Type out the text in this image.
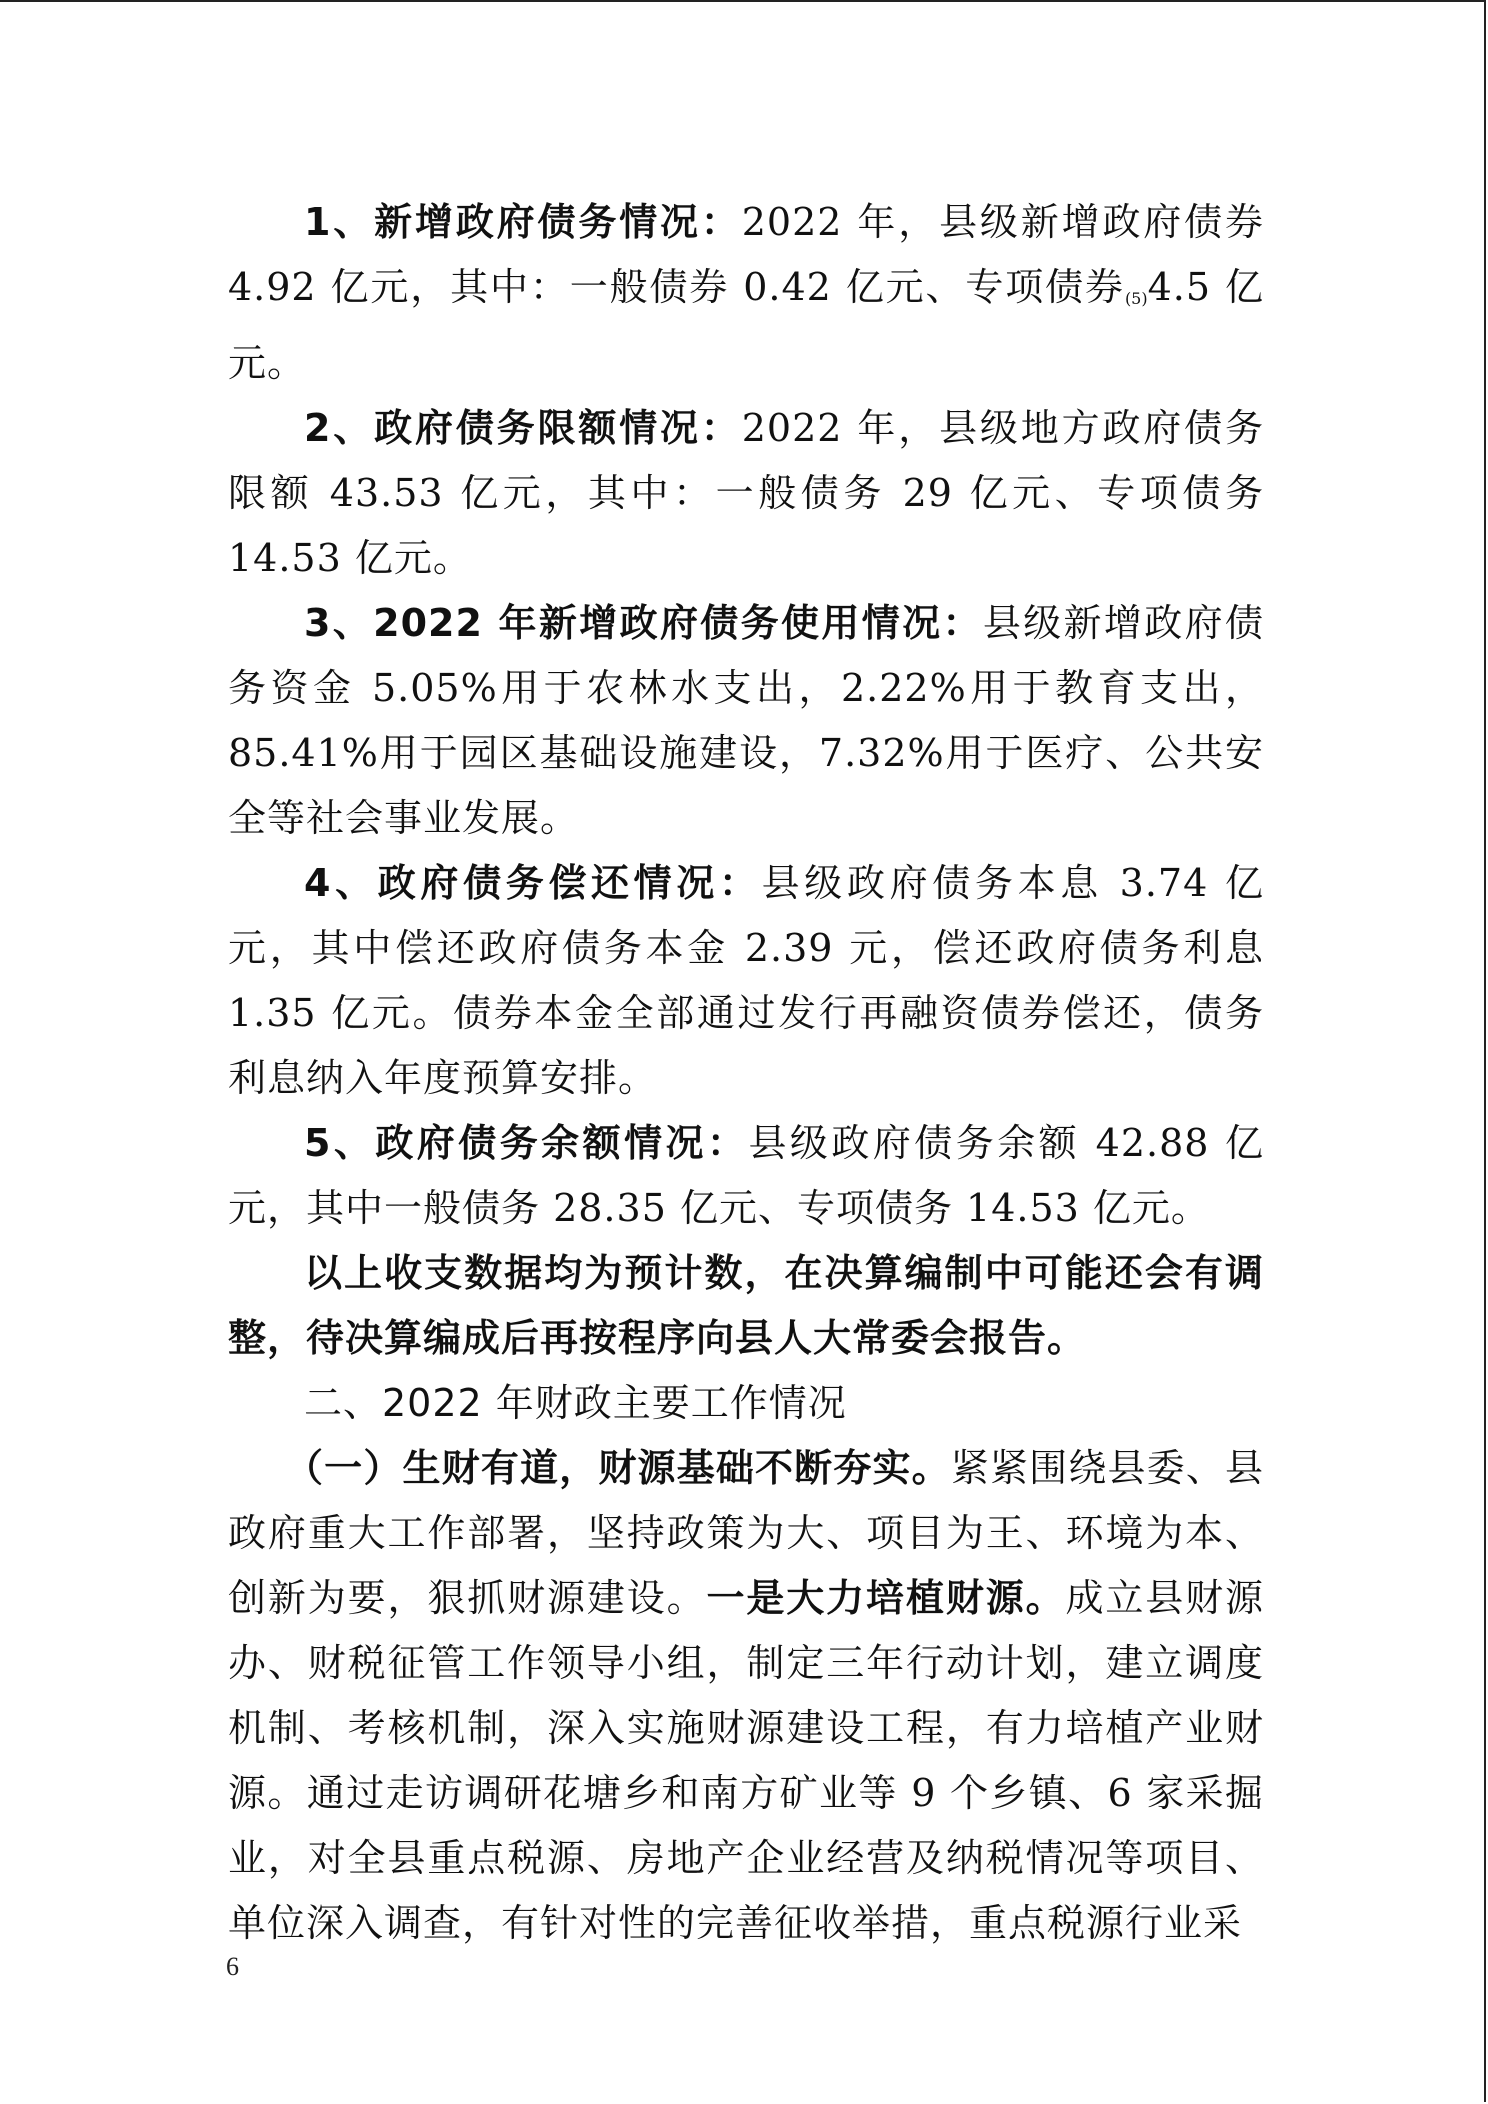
1、新增政府债务情况：2022 年，县级新增政府债券 4.92 亿元，其中：一般债券 0.42 亿元、专项债券$_{(5)}$4.5 亿元。

2、政府债务限额情况：2022 年，县级地方政府债务限额 43.53 亿元，其中：一般债务 29 亿元、专项债务 14.53 亿元。

3、2022 年新增政府债务使用情况：县级新增政府债务资金 5.05%用于农林水支出，2.22%用于教育支出，85.41%用于园区基础设施建设，7.32%用于医疗、公共安全等社会事业发展。

4、政府债务偿还情况：县级政府债务本息 3.74 亿元，其中偿还政府债务本金 2.39 元，偿还政府债务利息 1.35 亿元。债券本金全部通过发行再融资债券偿还，债务利息纳入年度预算安排。

5、政府债务余额情况：县级政府债务余额 42.88 亿元，其中一般债务 28.35 亿元、专项债务 14.53 亿元。

以上收支数据均为预计数，在决算编制中可能还会有调整，待决算编成后再按程序向县人大常委会报告。

二、2022 年财政主要工作情况

（一）生财有道，财源基础不断夯实。紧紧围绕县委、县政府重大工作部署，坚持政策为大、项目为王、环境为本、创新为要，狠抓财源建设。一是大力培植财源。成立县财源办、财税征管工作领导小组，制定三年行动计划，建立调度机制、考核机制，深入实施财源建设工程，有力培植产业财源。通过走访调研花塘乡和南方矿业等 9 个乡镇、6 家采掘业，对全县重点税源、房地产企业经营及纳税情况等项目、单位深入调查，有针对性的完善征收举措，重点税源行业采

6
